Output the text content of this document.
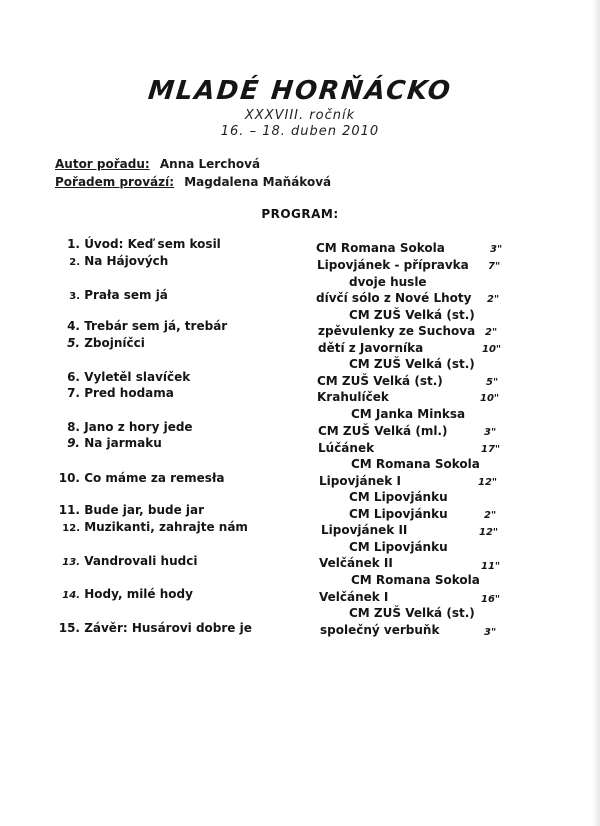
MLADÉ HORŇÁCKO
XXXVIII. ročník
16. – 18. duben 2010
Autor pořadu: Anna Lerchová
Pořadem provází: Magdalena Maňáková
PROGRAM:
1. Úvod: Keď sem kosil
2. Na Hájových
3. Prała sem já
4. Trebár sem já, trebár
5. Zbojníčci
6. Vyletěl slavíček
7. Pred hodama
8. Jano z hory jede
9. Na jarmaku
10. Co máme za remesła
11. Bude jar, bude jar
12. Muzikanti, zahrajte nám
13. Vandrovali hudci
14. Hody, milé hody
15. Závěr: Husárovi dobre je
CM Romana Sokola
Lipovjánek - přípravka
dvoje husle
dívčí sólo z Nové Lhoty
CM ZUŠ Velká (st.)
zpěvulenky ze Suchova
dětí z Javorníka
CM ZUŠ Velká (st.)
CM ZUŠ Velká (st.)
Krahulíček
CM Janka Minksa
CM ZUŠ Velká (ml.)
Lúčánek
CM Romana Sokola
Lipovjánek I
CM Lipovjánku
CM Lipovjánku
Lipovjánek II
CM Lipovjánku
Velčánek II
CM Romana Sokola
Velčánek I
CM ZUŠ Velká (st.)
společný verbuňk
3"
7"
2"
2"
10"
5"
10"
3"
17"
12"
2"
12"
11"
16"
3"
